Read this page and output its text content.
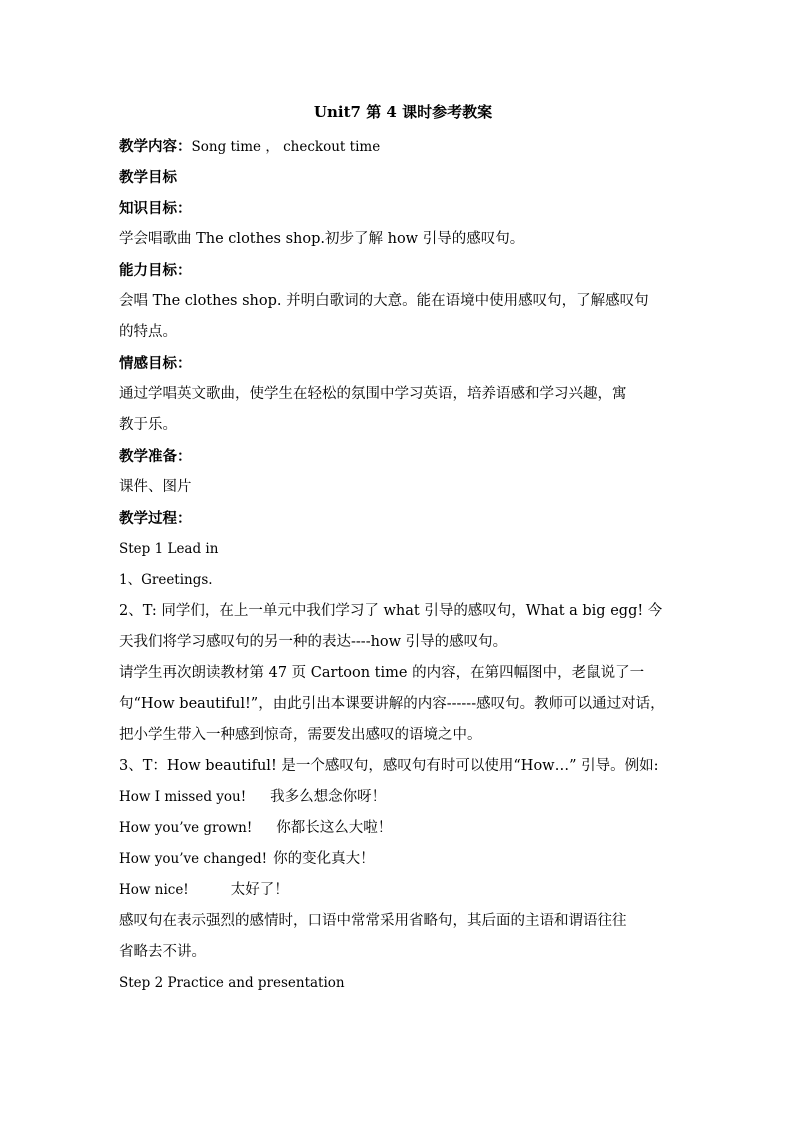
Unit7 第 4 课时参考教案
教学内容：Song time ， checkout time
教学目标
知识目标：
学会唱歌曲 The clothes shop.初步了解 how 引导的感叹句。
能力目标：
会唱 The clothes shop. 并明白歌词的大意。能在语境中使用感叹句，了解感叹句
的特点。
情感目标：
通过学唱英文歌曲，使学生在轻松的氛围中学习英语，培养语感和学习兴趣，寓
教于乐。
教学准备：
课件、图片
教学过程：
Step 1 Lead in
1、Greetings.
2、T: 同学们，在上一单元中我们学习了 what 引导的感叹句，What a big egg! 今
天我们将学习感叹句的另一种的表达----how 引导的感叹句。
请学生再次朗读教材第 47 页 Cartoon time 的内容，在第四幅图中，老鼠说了一
句“How beautiful!”，由此引出本课要讲解的内容------感叹句。教师可以通过对话，
把小学生带入一种感到惊奇，需要发出感叹的语境之中。
3、T：How beautiful! 是一个感叹句，感叹句有时可以使用“How…” 引导。例如:
How I missed you! 我多么想念你呀！
How you’ve grown! 你都长这么大啦！
How you’ve changed! 你的变化真大！
How nice!	太好了！
感叹句在表示强烈的感情时，口语中常常采用省略句，其后面的主语和谓语往往
省略去不讲。
Step 2 Practice and presentation
